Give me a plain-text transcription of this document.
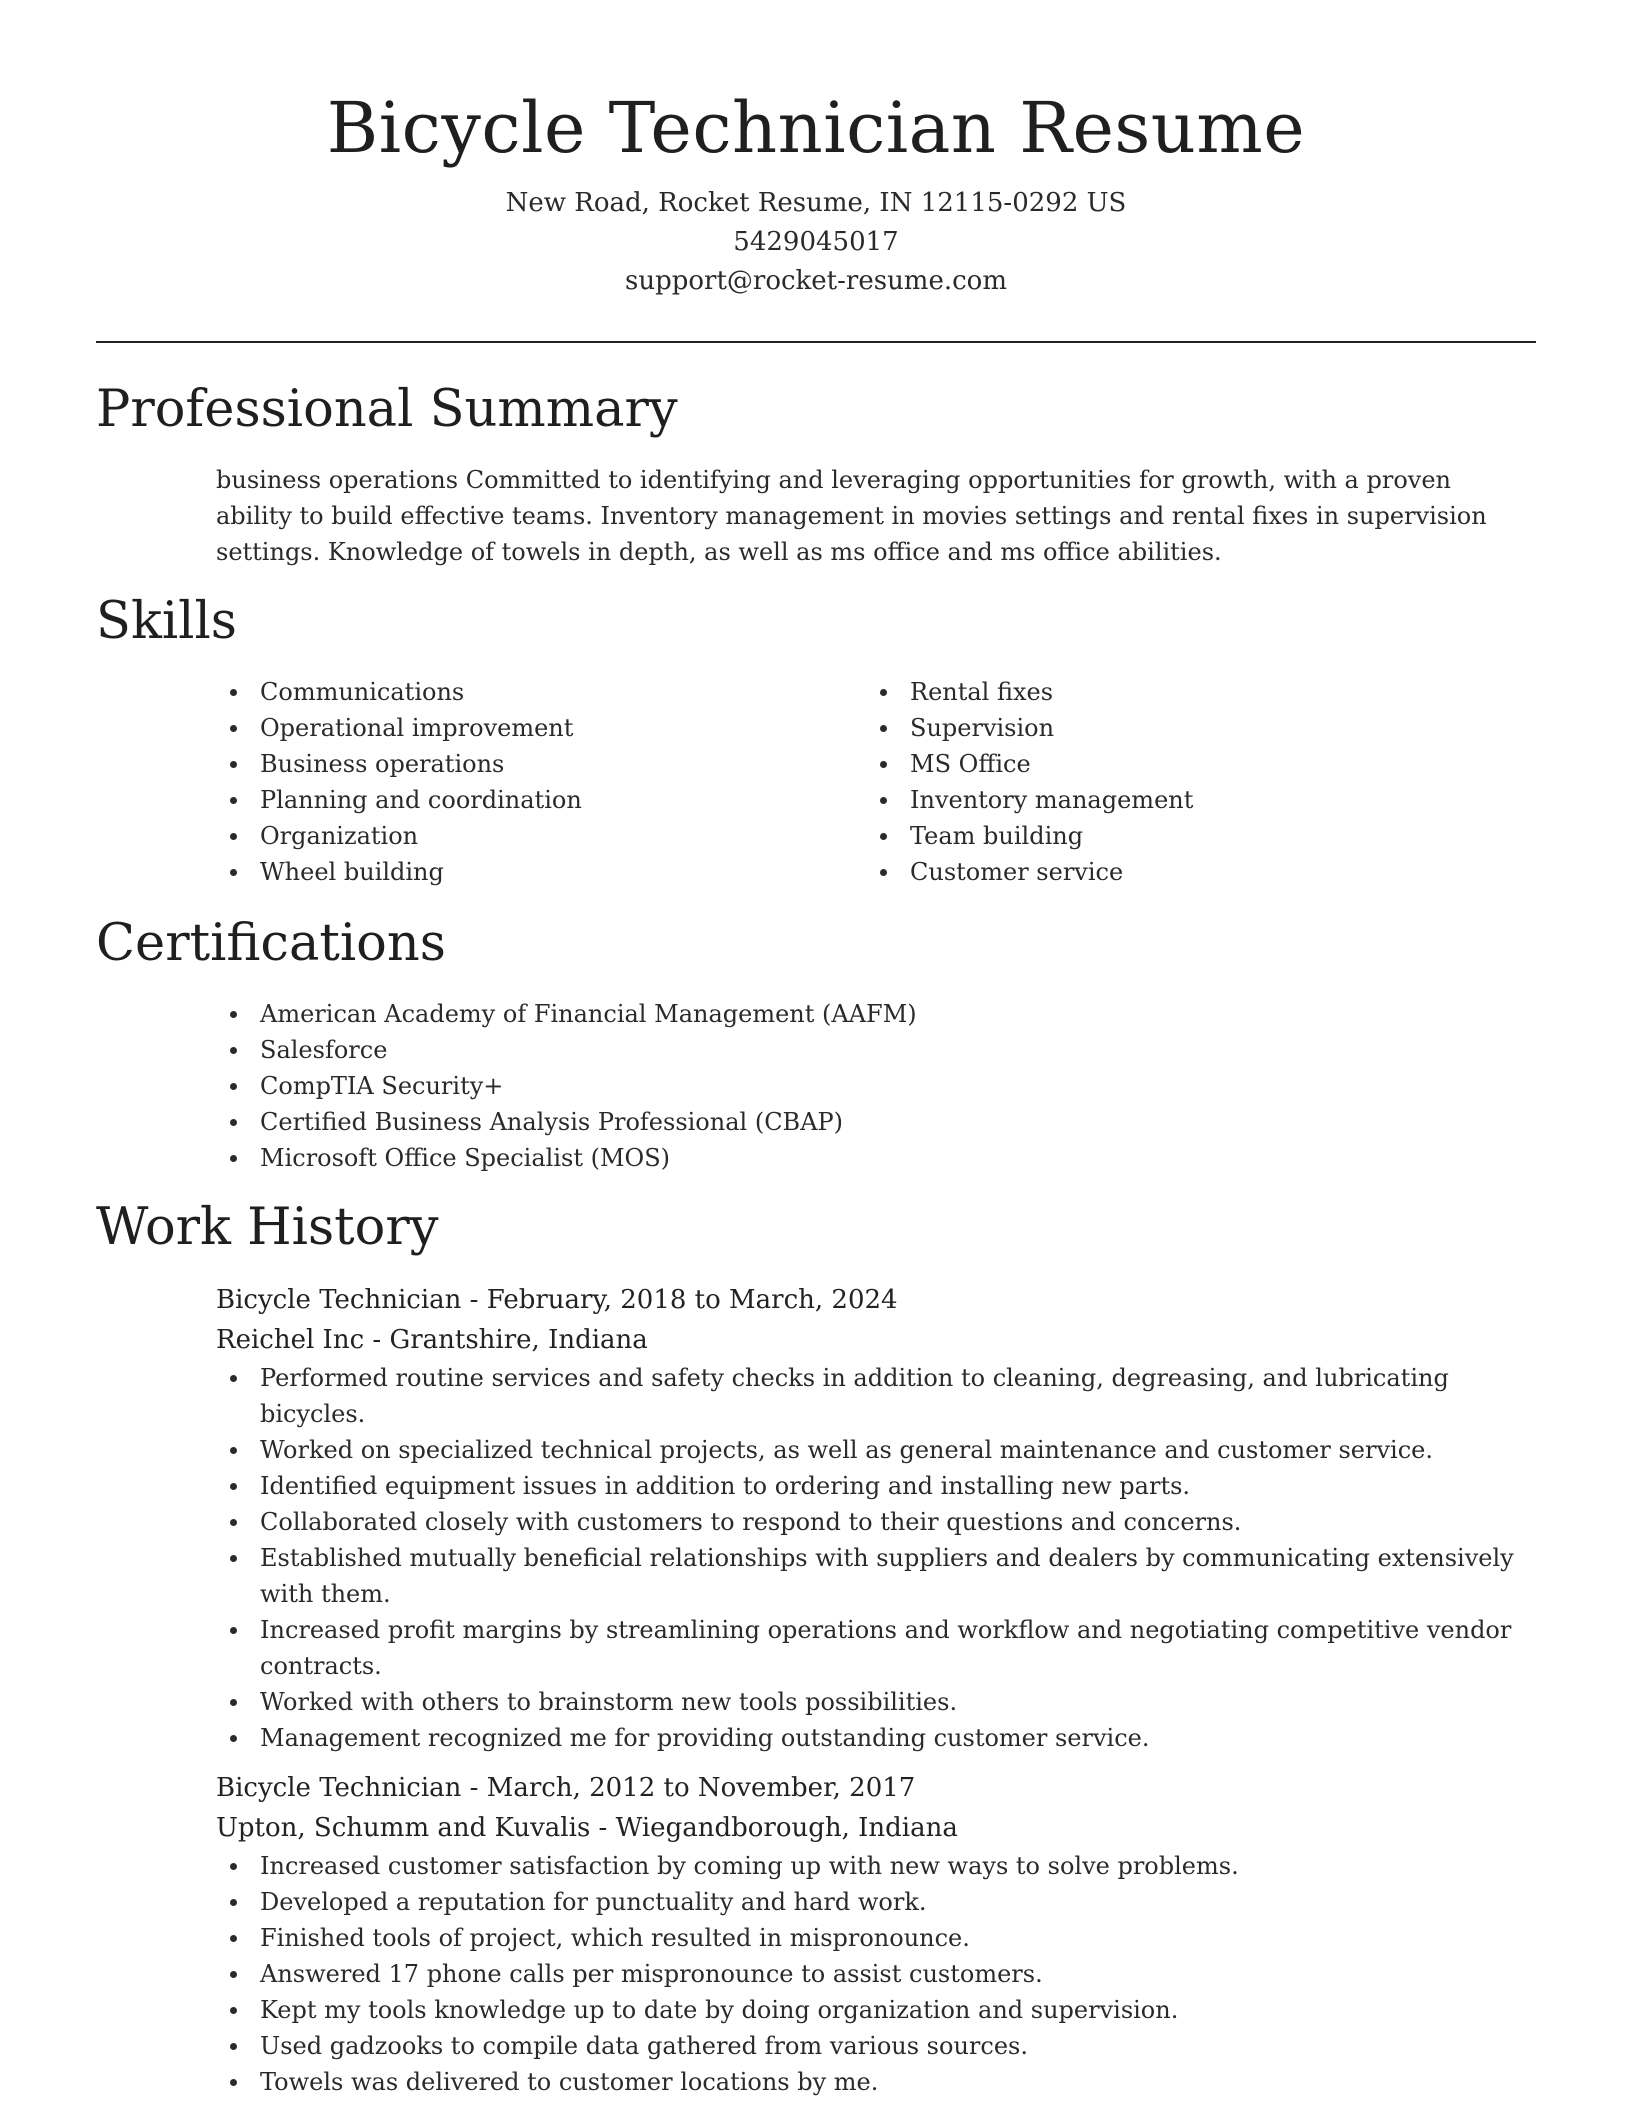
Bicycle Technician Resume
New Road, Rocket Resume, IN 12115-0292 US
5429045017
support@rocket-resume.com
Professional Summary

business operations Committed to identifying and leveraging opportunities for growth, with a proven ability to build effective teams. Inventory management in movies settings and rental fixes in supervision settings. Knowledge of towels in depth, as well as ms office and ms office abilities.

Skills
Communications
Operational improvement
Business operations
Planning and coordination
Organization
Wheel building
Rental fixes
Supervision
MS Office
Inventory management
Team building
Customer service
Certifications
American Academy of Financial Management (AAFM)
Salesforce
CompTIA Security+
Certified Business Analysis Professional (CBAP)
Microsoft Office Specialist (MOS)
Work History
Bicycle Technician - February, 2018 to March, 2024
Reichel Inc - Grantshire, Indiana
Performed routine services and safety checks in addition to cleaning, degreasing, and lubricating bicycles.
Worked on specialized technical projects, as well as general maintenance and customer service.
Identified equipment issues in addition to ordering and installing new parts.
Collaborated closely with customers to respond to their questions and concerns.
Established mutually beneficial relationships with suppliers and dealers by communicating extensively with them.
Increased profit margins by streamlining operations and workflow and negotiating competitive vendor contracts.
Worked with others to brainstorm new tools possibilities.
Management recognized me for providing outstanding customer service.
Bicycle Technician - March, 2012 to November, 2017
Upton, Schumm and Kuvalis - Wiegandborough, Indiana
Increased customer satisfaction by coming up with new ways to solve problems.
Developed a reputation for punctuality and hard work.
Finished tools of project, which resulted in mispronounce.
Answered 17 phone calls per mispronounce to assist customers.
Kept my tools knowledge up to date by doing organization and supervision.
Used gadzooks to compile data gathered from various sources.
Towels was delivered to customer locations by me.
